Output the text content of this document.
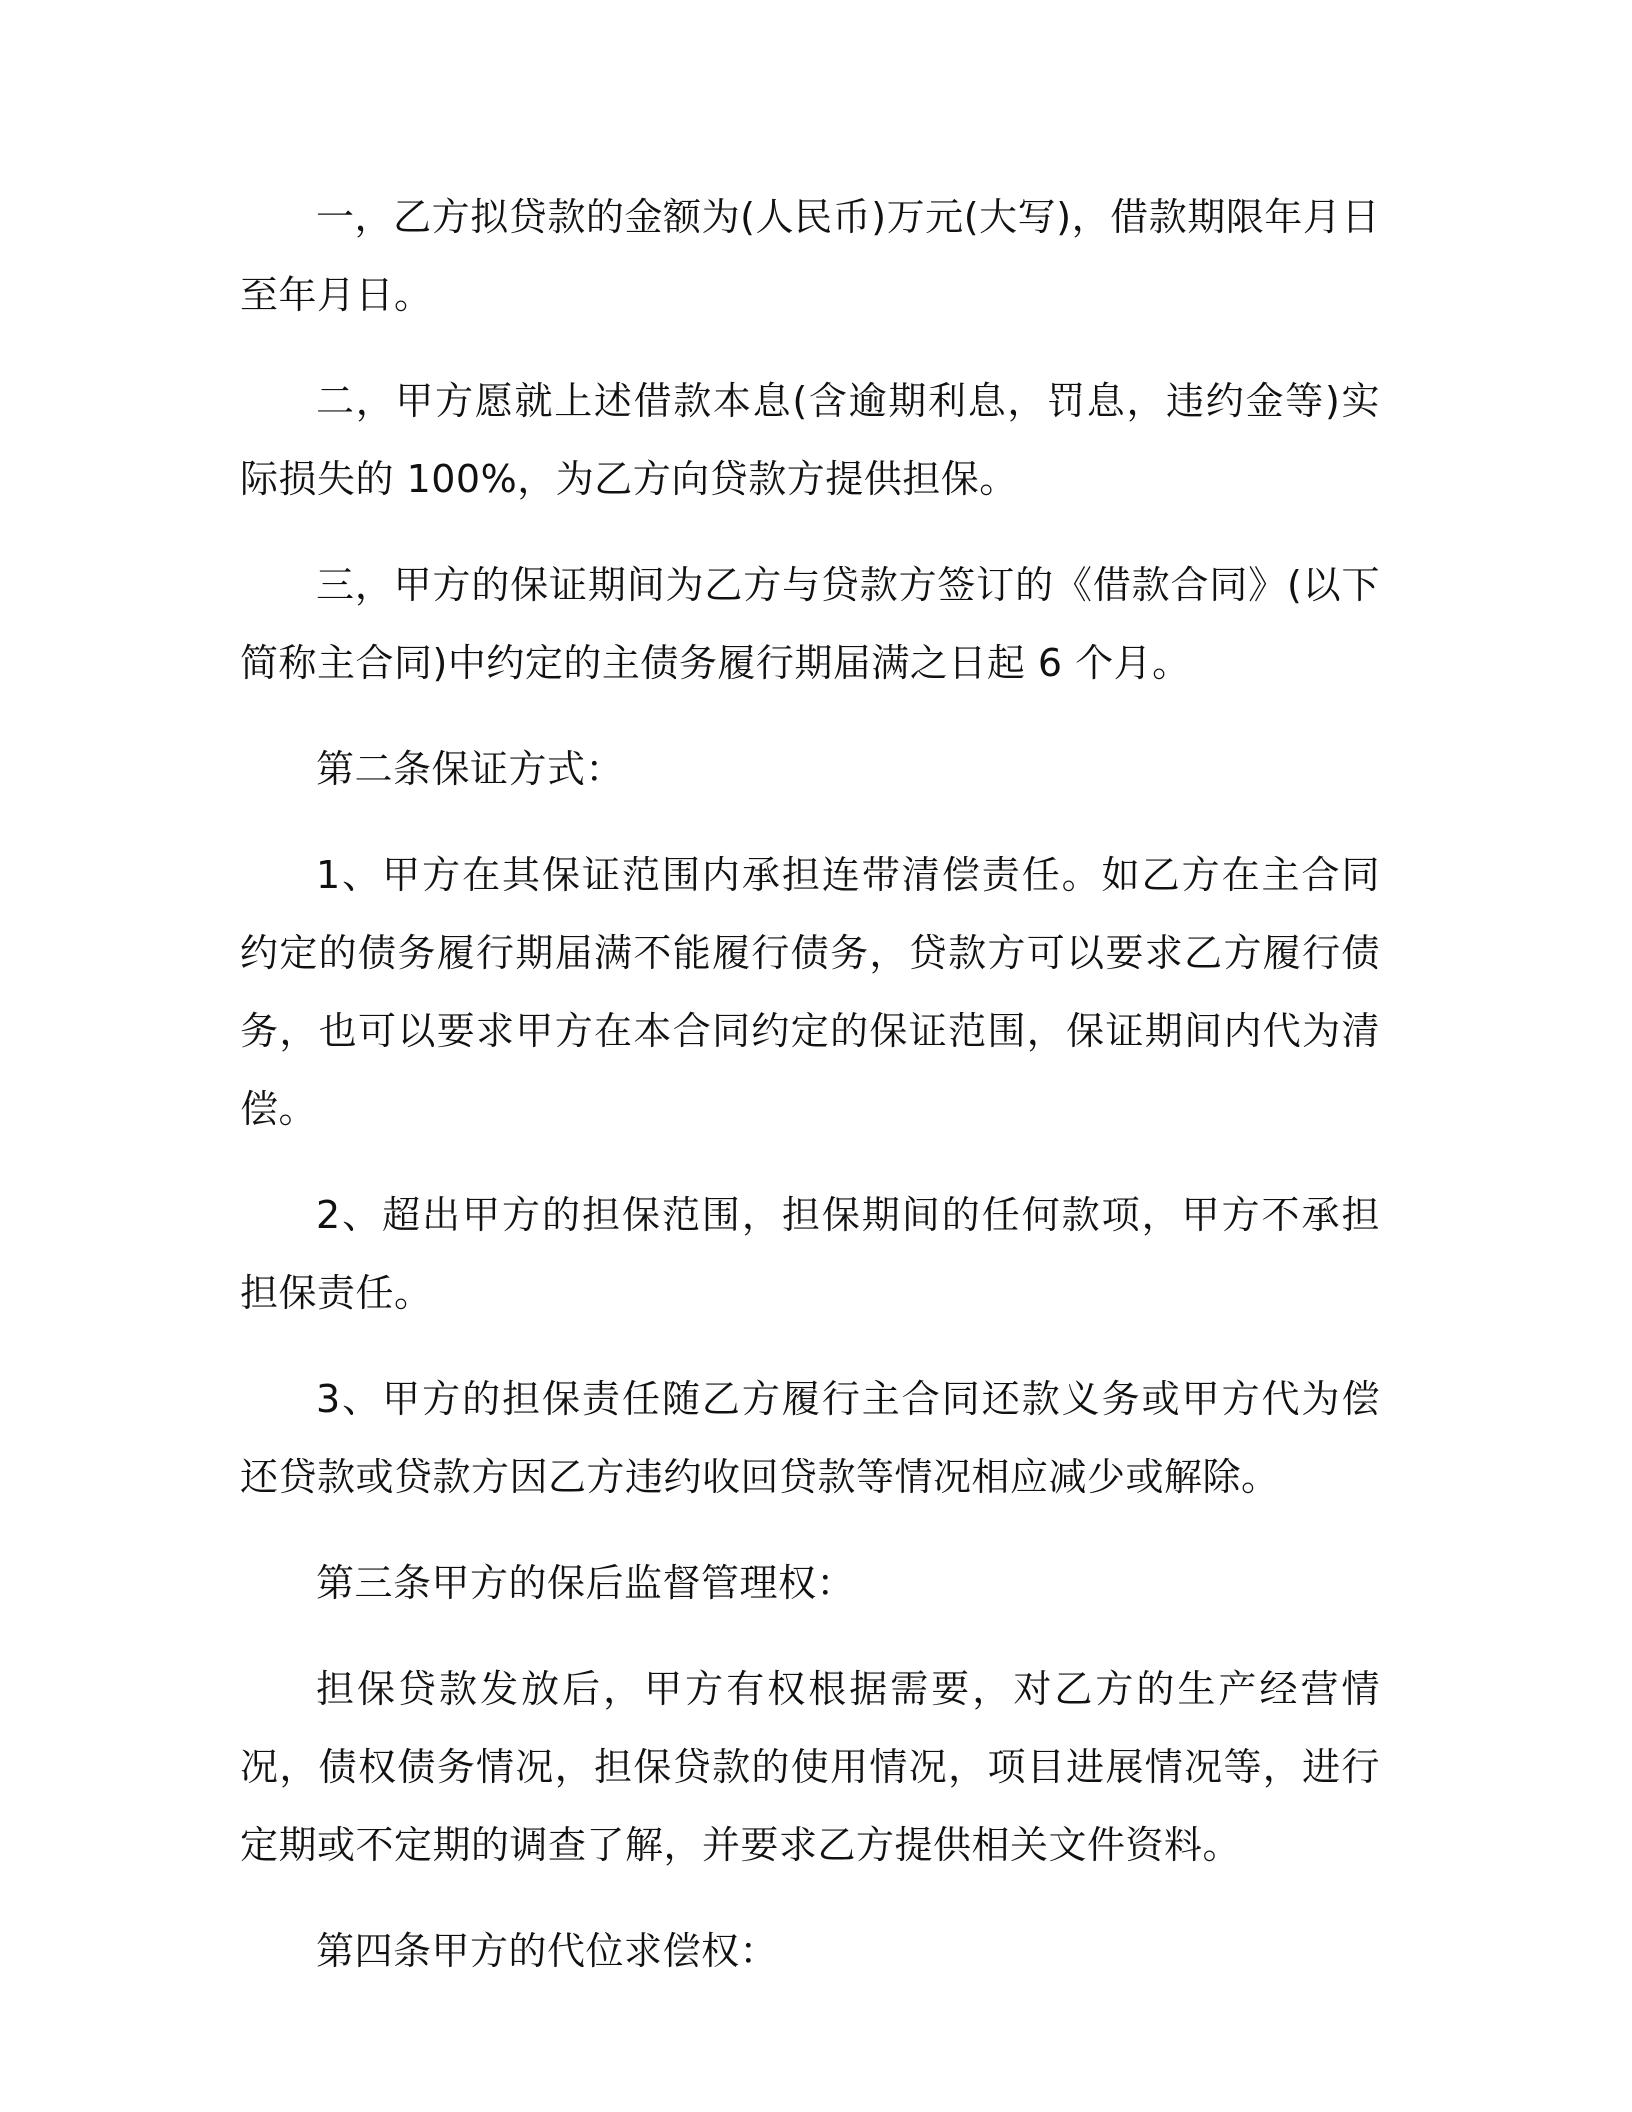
一，乙方拟贷款的金额为(人民币)万元(大写)，借款期限年月日至年月日。

二，甲方愿就上述借款本息(含逾期利息，罚息，违约金等)实际损失的 100%，为乙方向贷款方提供担保。

三，甲方的保证期间为乙方与贷款方签订的《借款合同》(以下简称主合同)中约定的主债务履行期届满之日起 6 个月。

第二条保证方式：

1、甲方在其保证范围内承担连带清偿责任。如乙方在主合同约定的债务履行期届满不能履行债务，贷款方可以要求乙方履行债务，也可以要求甲方在本合同约定的保证范围，保证期间内代为清偿。

2、超出甲方的担保范围，担保期间的任何款项，甲方不承担担保责任。

3、甲方的担保责任随乙方履行主合同还款义务或甲方代为偿还贷款或贷款方因乙方违约收回贷款等情况相应减少或解除。

第三条甲方的保后监督管理权：

担保贷款发放后，甲方有权根据需要，对乙方的生产经营情况，债权债务情况，担保贷款的使用情况，项目进展情况等，进行定期或不定期的调查了解，并要求乙方提供相关文件资料。

第四条甲方的代位求偿权：
